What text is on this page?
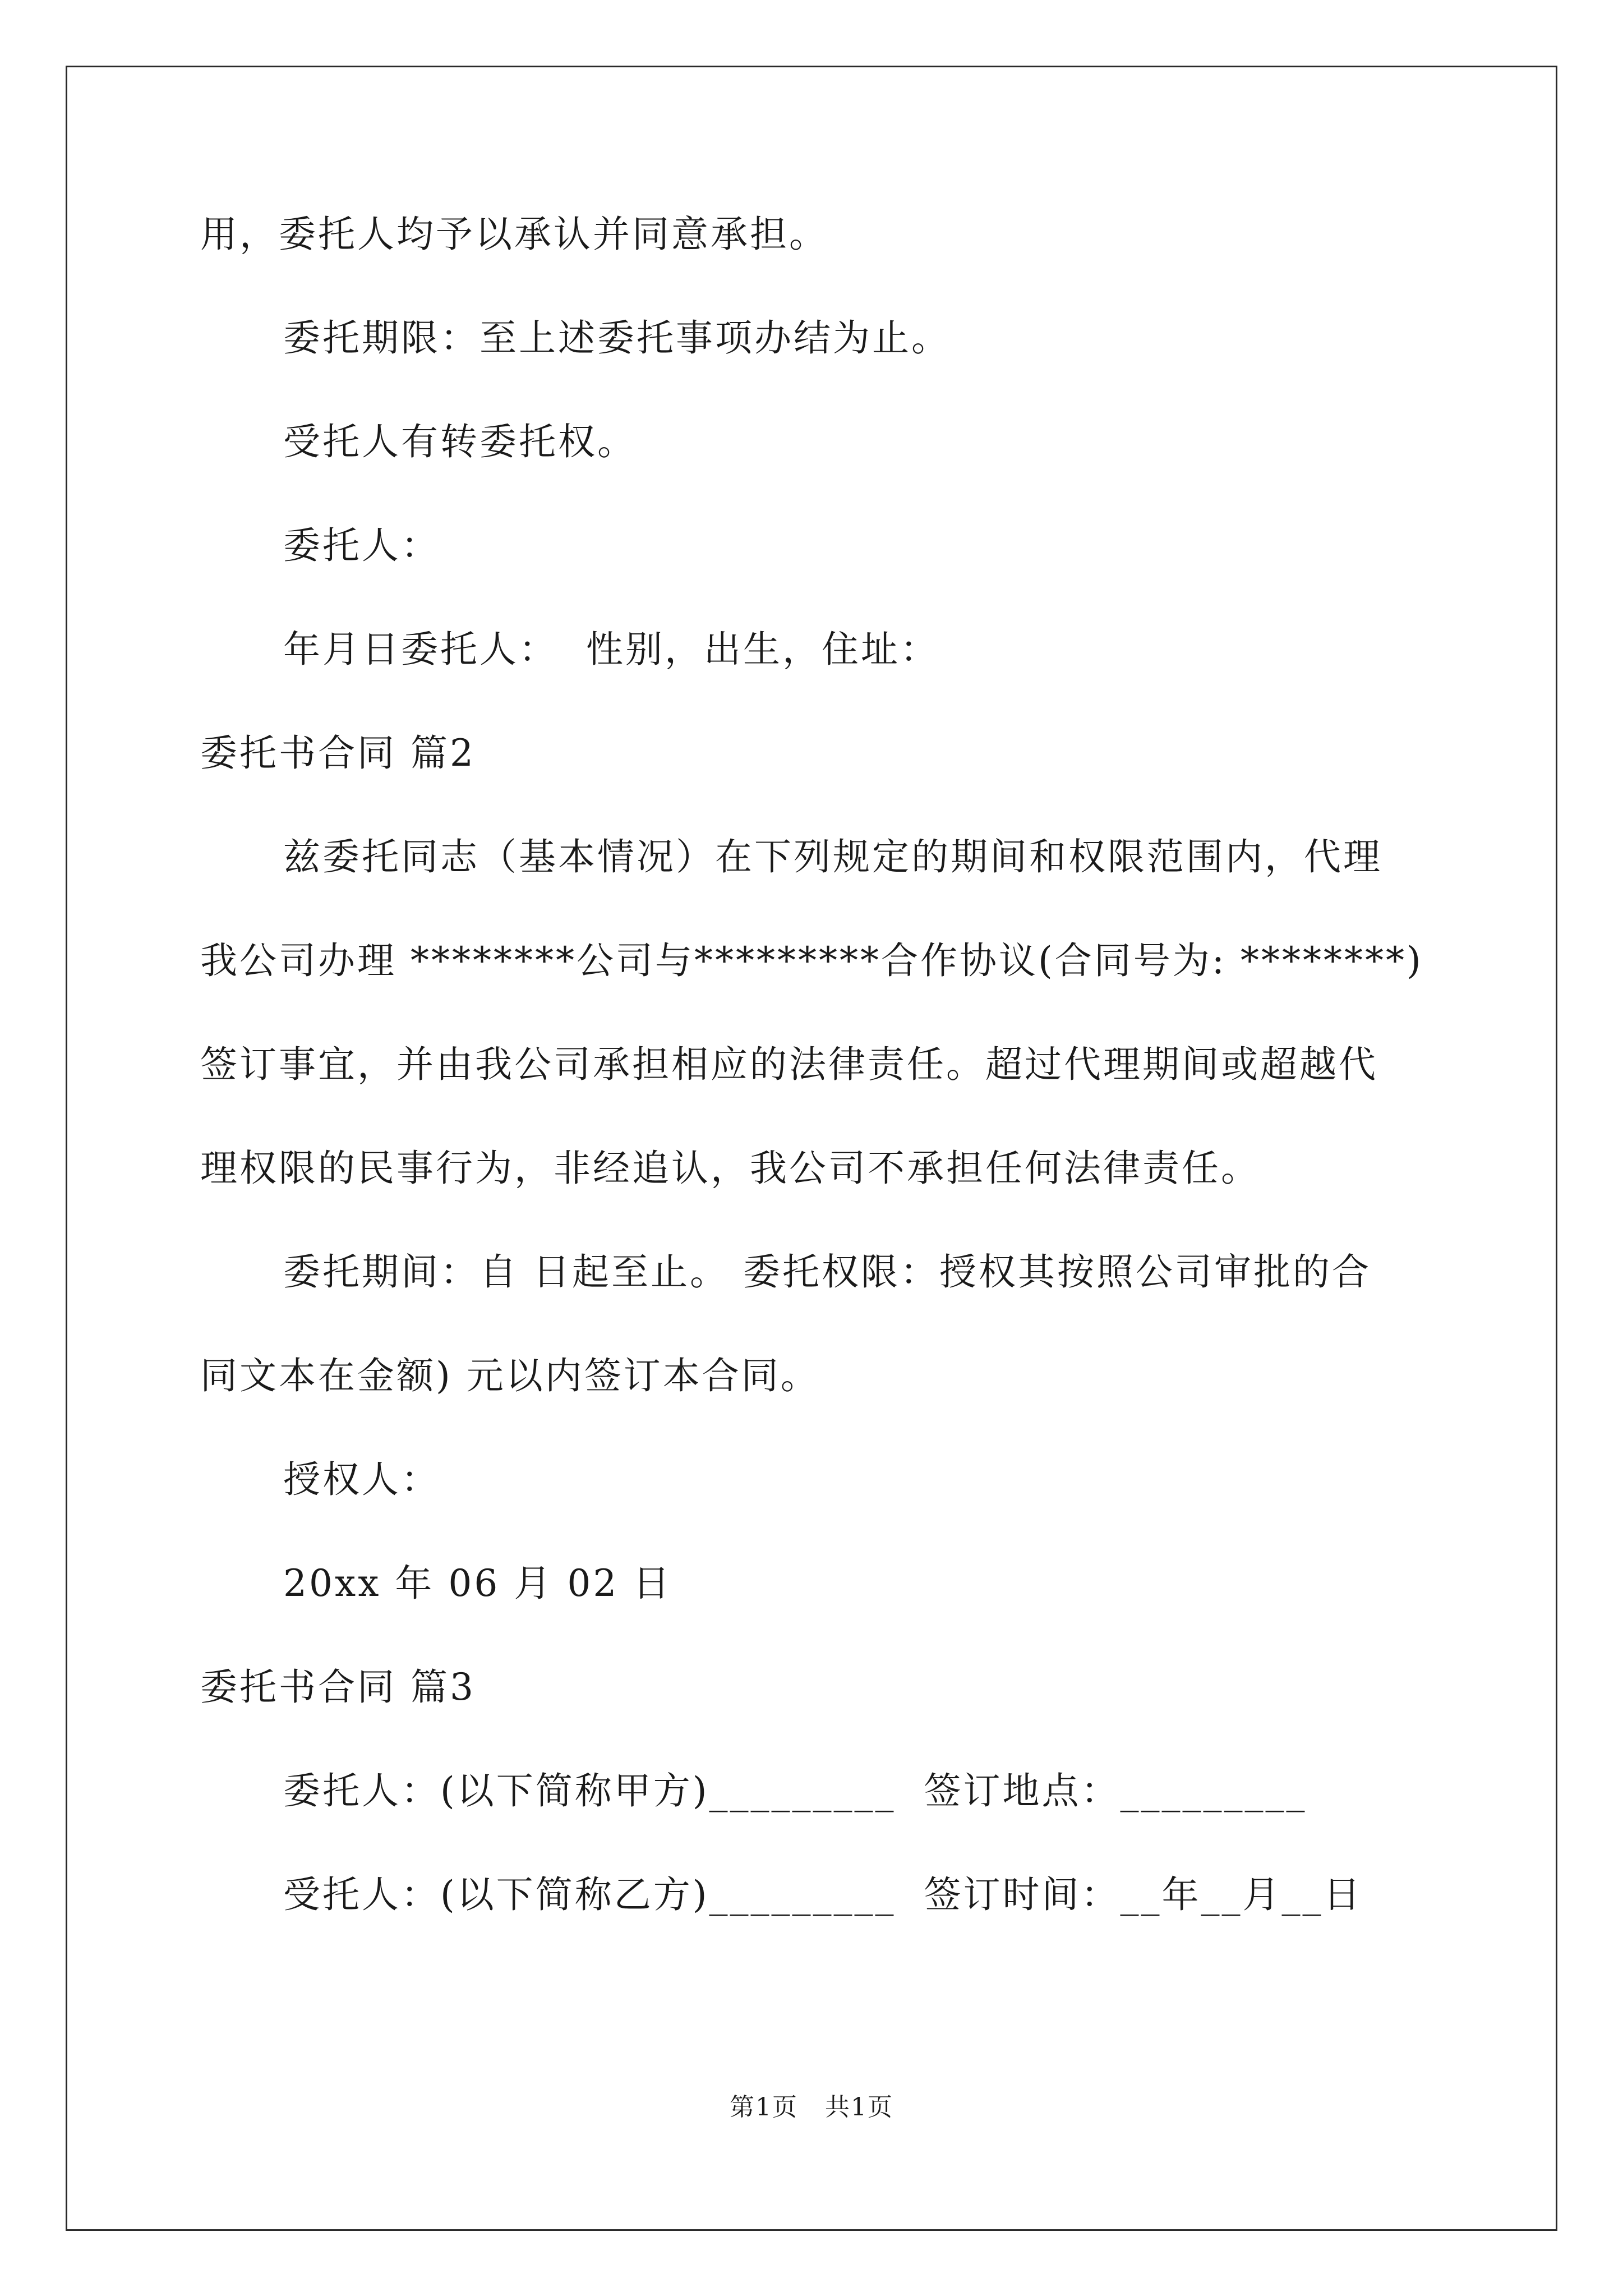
用，委托人均予以承认并同意承担。
委托期限：至上述委托事项办结为止。
受托人有转委托权。
委托人：
年月日委托人：  性别，出生，住址：
委托书合同 篇2
兹委托同志（基本情况）在下列规定的期间和权限范围内，代理
我公司办理 ********公司与*********合作协议(合同号为: ********)
签订事宜，并由我公司承担相应的法律责任。超过代理期间或超越代
理权限的民事行为，非经追认，我公司不承担任何法律责任。
委托期间：自 日起至止。 委托权限：授权其按照公司审批的合
同文本在金额) 元以内签订本合同。
授权人：
20xx 年 06 月 02 日
委托书合同 篇3
委托人：(以下简称甲方)_________  签订地点：_________
受托人：(以下简称乙方)_________  签订时间：__年__月__日
第1页   共1页
